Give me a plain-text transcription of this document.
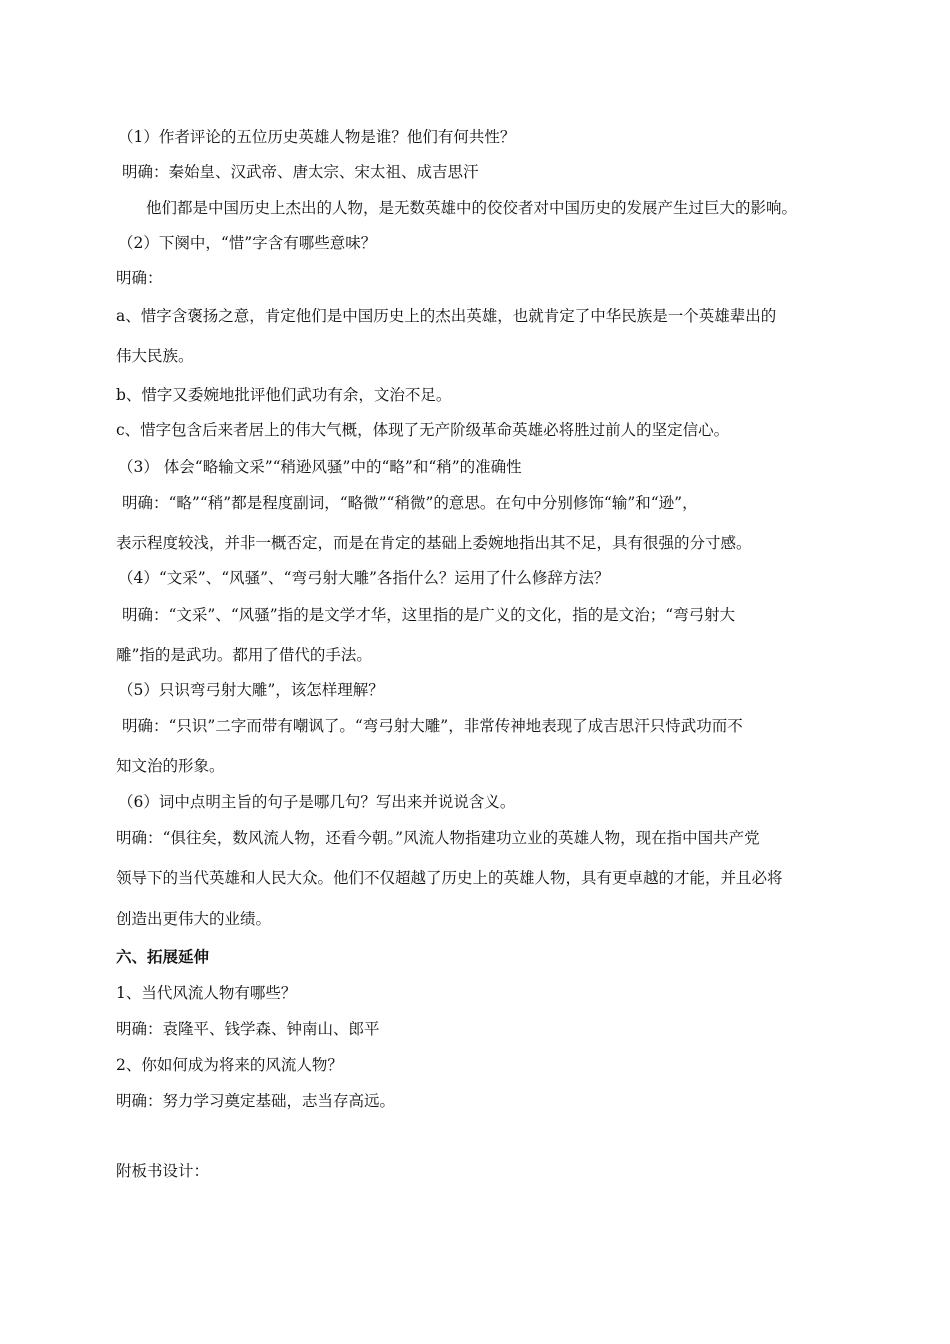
（1）作者评论的五位历史英雄人物是谁？他们有何共性？
明确：秦始皇、汉武帝、唐太宗、宋太祖、成吉思汗
他们都是中国历史上杰出的人物，是无数英雄中的佼佼者对中国历史的发展产生过巨大的影响。
（2）下阕中，“惜”字含有哪些意味？
明确：
a、惜字含褒扬之意，肯定他们是中国历史上的杰出英雄，也就肯定了中华民族是一个英雄辈出的
伟大民族。
b、惜字又委婉地批评他们武功有余，文治不足。
c、惜字包含后来者居上的伟大气概，体现了无产阶级革命英雄必将胜过前人的坚定信心。
（3） 体会“略输文采”“稍逊风骚”中的“略”和“稍”的准确性
明确：“略”“稍”都是程度副词，“略微”“稍微”的意思。在句中分别修饰“输”和“逊”，
表示程度较浅，并非一概否定，而是在肯定的基础上委婉地指出其不足，具有很强的分寸感。
（4）“文采”、“风骚”、“弯弓射大雕”各指什么？运用了什么修辞方法？
明确：“文采”、“风骚”指的是文学才华，这里指的是广义的文化，指的是文治；“弯弓射大
雕”指的是武功。都用了借代的手法。
（5）只识弯弓射大雕”，该怎样理解？
明确：“只识”二字而带有嘲讽了。“弯弓射大雕”，非常传神地表现了成吉思汗只恃武功而不
知文治的形象。
（6）词中点明主旨的句子是哪几句？写出来并说说含义。
明确：“俱往矣，数风流人物，还看今朝。”风流人物指建功立业的英雄人物，现在指中国共产党
领导下的当代英雄和人民大众。他们不仅超越了历史上的英雄人物，具有更卓越的才能，并且必将
创造出更伟大的业绩。
六、拓展延伸
1、当代风流人物有哪些？
明确：袁隆平、钱学森、钟南山、郎平
2、你如何成为将来的风流人物？
明确：努力学习奠定基础，志当存高远。
附板书设计：
